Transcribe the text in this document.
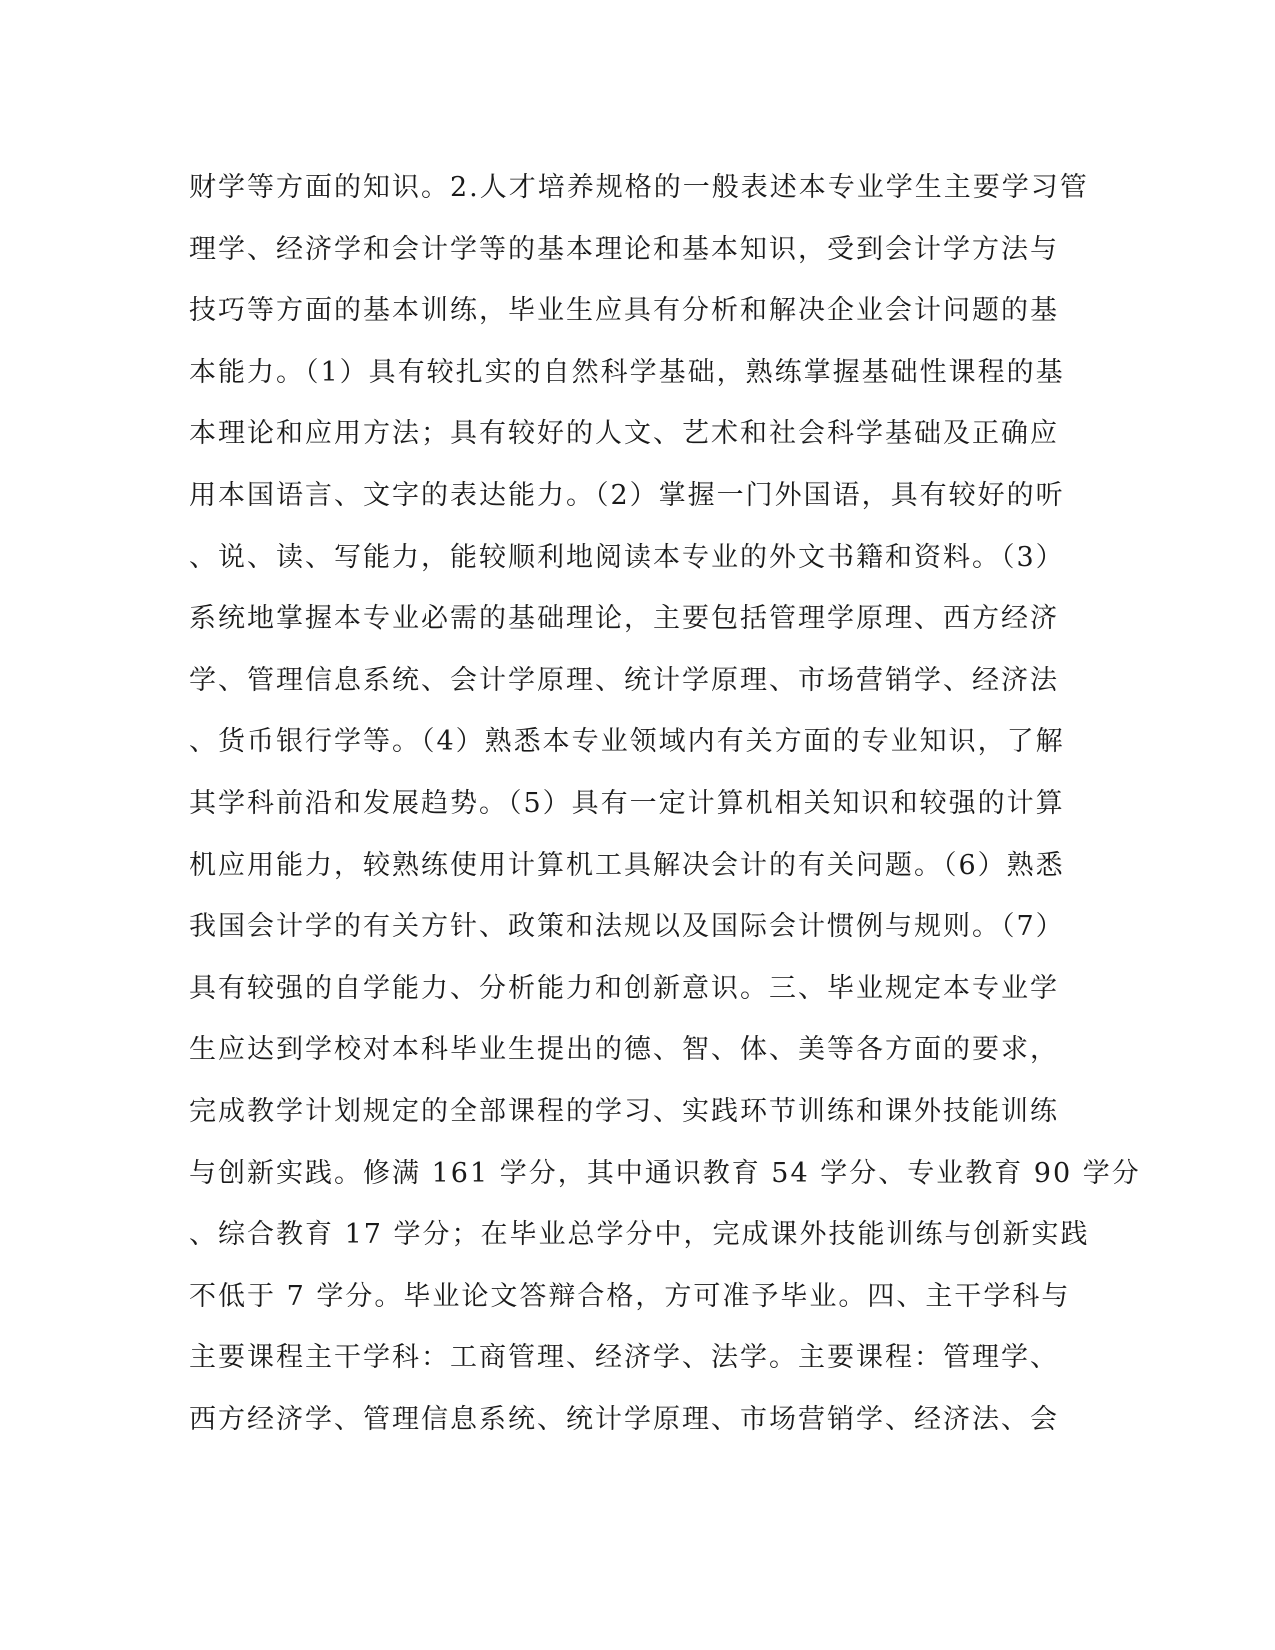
财学等方面的知识。2.人才培养规格的一般表述本专业学生主要学习管
理学、经济学和会计学等的基本理论和基本知识，受到会计学方法与
技巧等方面的基本训练，毕业生应具有分析和解决企业会计问题的基
本能力。（1）具有较扎实的自然科学基础，熟练掌握基础性课程的基
本理论和应用方法；具有较好的人文、艺术和社会科学基础及正确应
用本国语言、文字的表达能力。（2）掌握一门外国语，具有较好的听
、说、读、写能力，能较顺利地阅读本专业的外文书籍和资料。（3）
系统地掌握本专业必需的基础理论，主要包括管理学原理、西方经济
学、管理信息系统、会计学原理、统计学原理、市场营销学、经济法
、货币银行学等。（4）熟悉本专业领域内有关方面的专业知识，了解
其学科前沿和发展趋势。（5）具有一定计算机相关知识和较强的计算
机应用能力，较熟练使用计算机工具解决会计的有关问题。（6）熟悉
我国会计学的有关方针、政策和法规以及国际会计惯例与规则。（7）
具有较强的自学能力、分析能力和创新意识。三、毕业规定本专业学
生应达到学校对本科毕业生提出的德、智、体、美等各方面的要求，
完成教学计划规定的全部课程的学习、实践环节训练和课外技能训练
与创新实践。修满 161 学分，其中通识教育 54 学分、专业教育 90 学分
、综合教育 17 学分；在毕业总学分中，完成课外技能训练与创新实践
不低于 7 学分。毕业论文答辩合格，方可准予毕业。四、主干学科与
主要课程主干学科：工商管理、经济学、法学。主要课程：管理学、
西方经济学、管理信息系统、统计学原理、市场营销学、经济法、会
